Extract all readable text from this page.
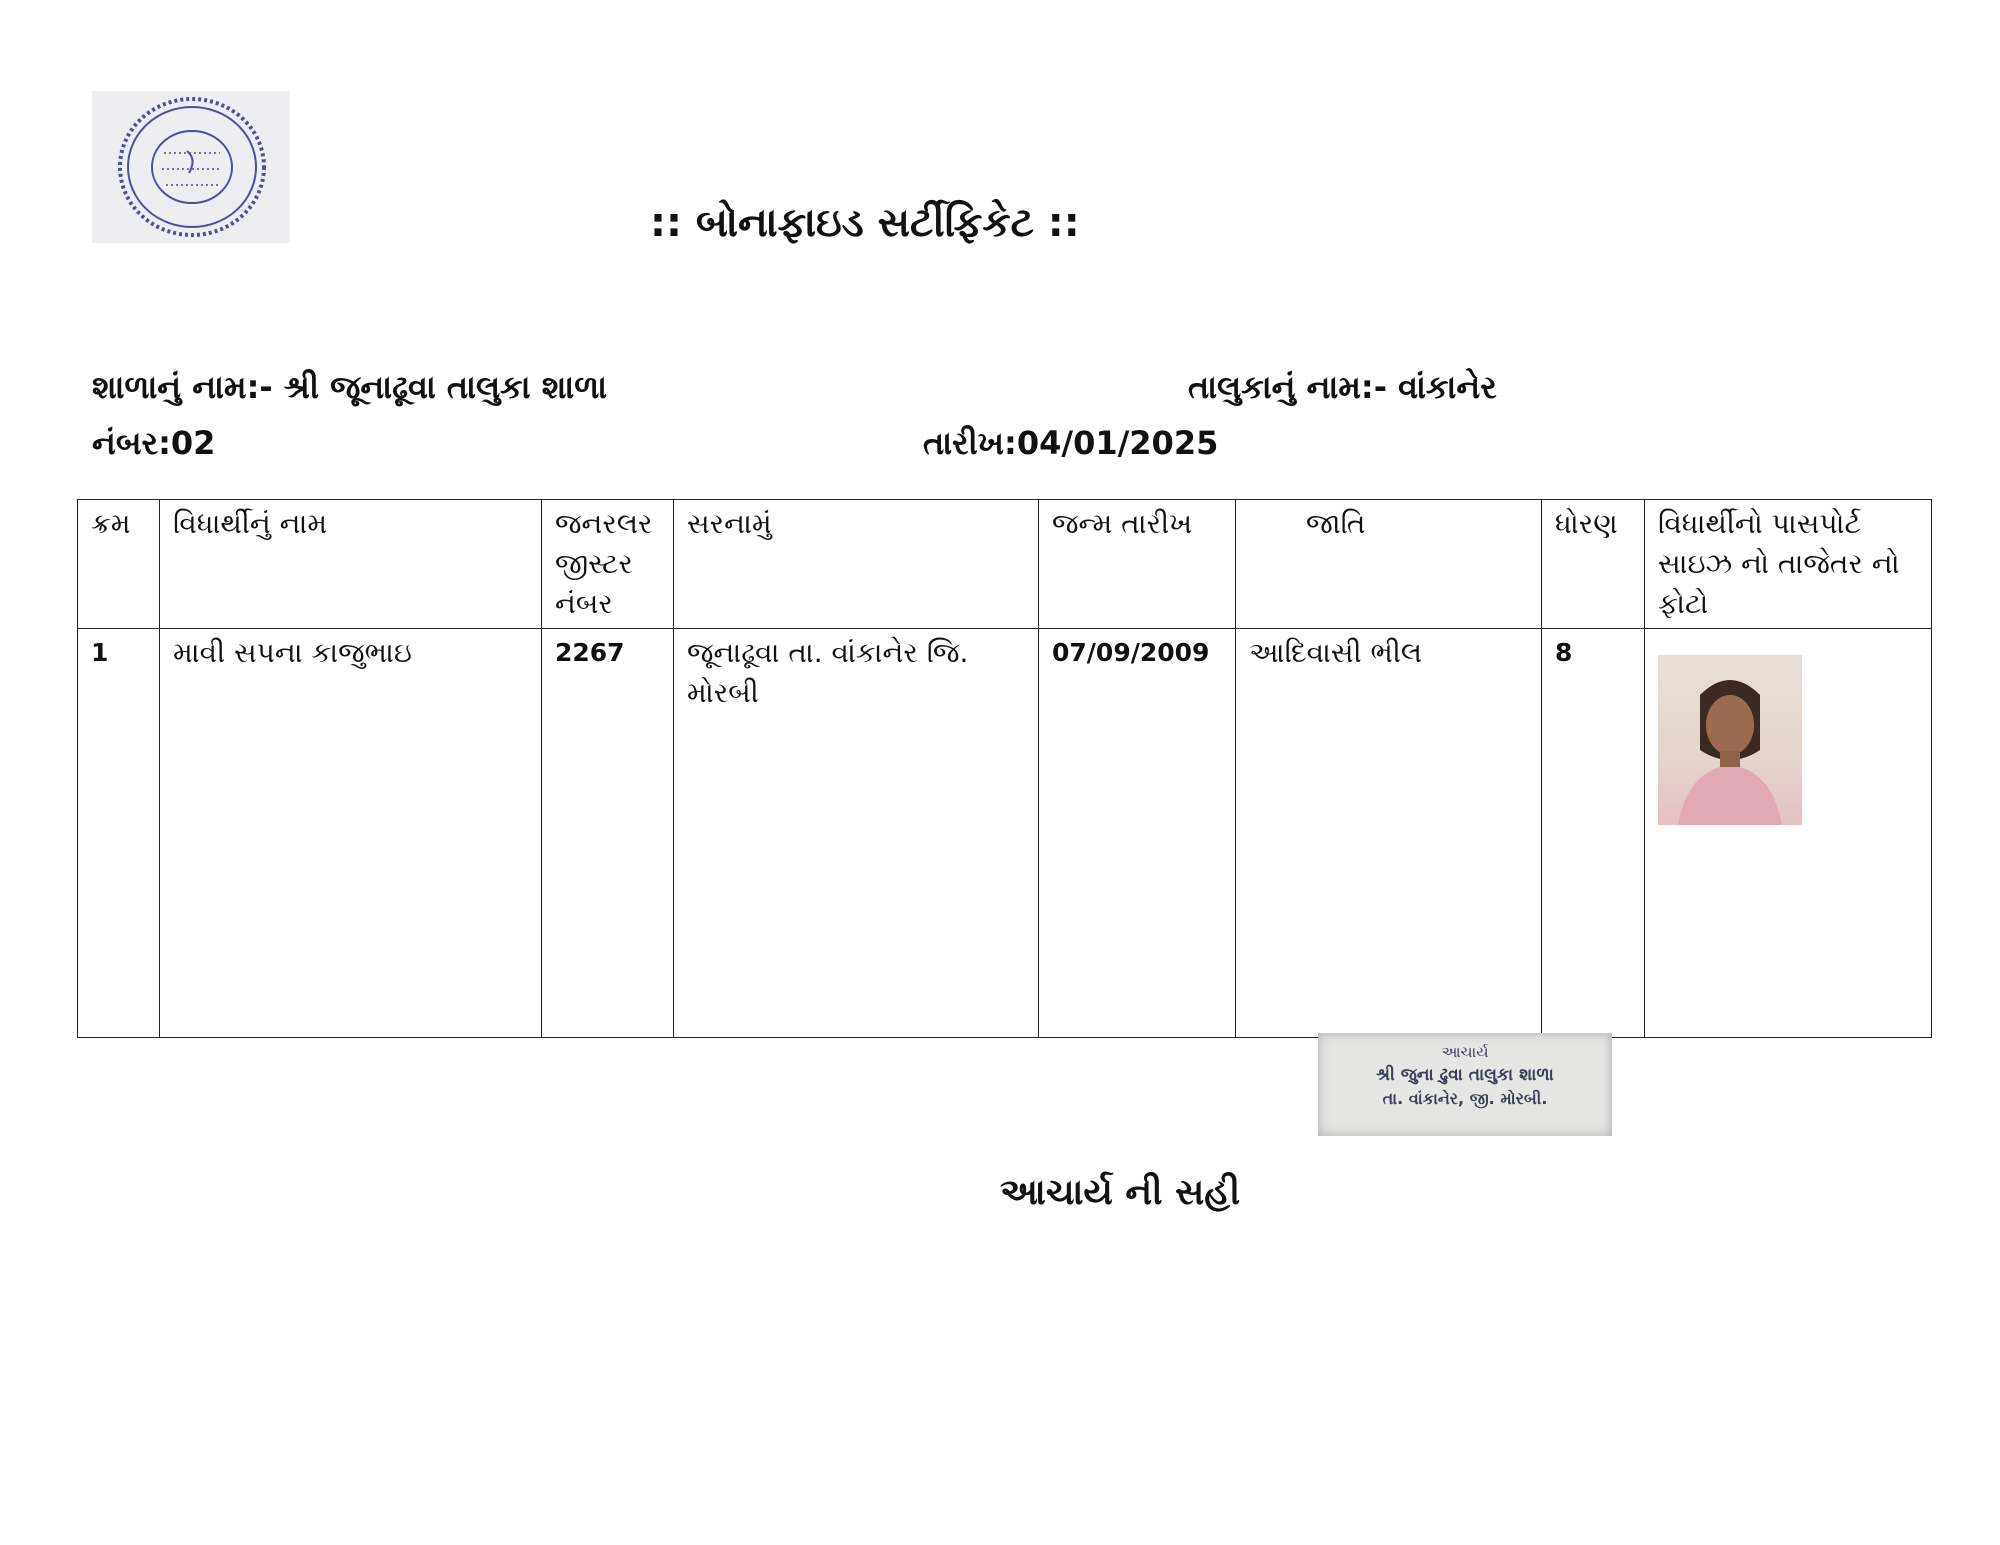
:: બોનાફાઇડ સર્ટીફિકેટ ::
શાળાનું નામ:- શ્રી જૂનાઢૂવા તાલુકા શાળા	તાલુકાનું નામ:- વાંકાનેર
નંબર:02	તારીખ:04/01/2025
ક્રમ	વિધાર્થીનું નામ	જનરલર જીસ્ટર નંબર	સરનામું	જન્મ તારીખ	જાતિ	ધોરણ	વિધાર્થીનો પાસપોર્ટ સાઇઝ નો તાજેતર નો ફોટો
1	માવી સપના કાજુભાઇ	2267	જૂનાઢૂવા તા. વાંકાનેર જિ. મોરબી	07/09/2009	આદિવાસી ભીલ	8	
આચાર્ય
શ્રી જુના ઢુવા તાલુકા શાળા
તા. વાંકાનેર, જી. મોરબી.
આચાર્ય ની સહી
